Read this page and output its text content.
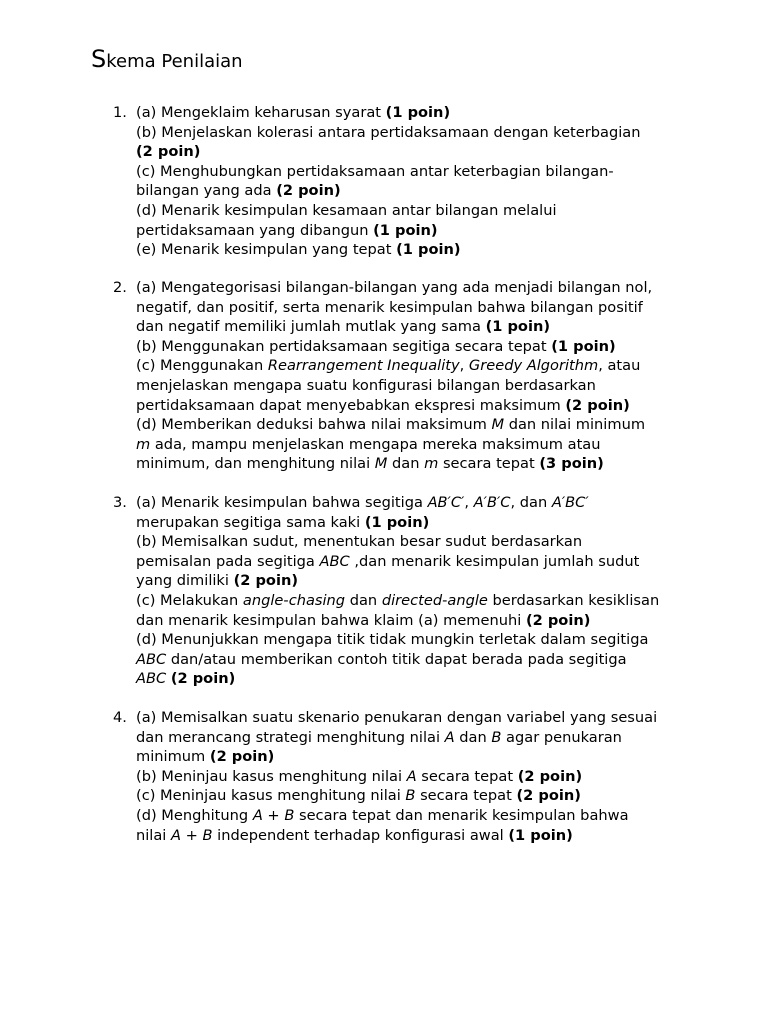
Skema Penilaian
1. (a) Mengeklaim keharusan syarat (1 poin)
(b) Menjelaskan kolerasi antara pertidaksamaan dengan keterbagian
(2 poin)
(c) Menghubungkan pertidaksamaan antar keterbagian bilangan-
bilangan yang ada (2 poin)
(d) Menarik kesimpulan kesamaan antar bilangan melalui
pertidaksamaan yang dibangun (1 poin)
(e) Menarik kesimpulan yang tepat (1 poin)
2. (a) Mengategorisasi bilangan-bilangan yang ada menjadi bilangan nol,
negatif, dan positif, serta menarik kesimpulan bahwa bilangan positif
dan negatif memiliki jumlah mutlak yang sama (1 poin)
(b) Menggunakan pertidaksamaan segitiga secara tepat (1 poin)
(c) Menggunakan Rearrangement Inequality, Greedy Algorithm, atau
menjelaskan mengapa suatu konfigurasi bilangan berdasarkan
pertidaksamaan dapat menyebabkan ekspresi maksimum (2 poin)
(d) Memberikan deduksi bahwa nilai maksimum M dan nilai minimum
m ada, mampu menjelaskan mengapa mereka maksimum atau
minimum, dan menghitung nilai M dan m secara tepat (3 poin)
3. (a) Menarik kesimpulan bahwa segitiga AB′C′, A′B′C, dan A′BC′
merupakan segitiga sama kaki (1 poin)
(b) Memisalkan sudut, menentukan besar sudut berdasarkan
pemisalan pada segitiga ABC ,dan menarik kesimpulan jumlah sudut
yang dimiliki (2 poin)
(c) Melakukan angle-chasing dan directed-angle berdasarkan kesiklisan
dan menarik kesimpulan bahwa klaim (a) memenuhi (2 poin)
(d) Menunjukkan mengapa titik tidak mungkin terletak dalam segitiga
ABC dan/atau memberikan contoh titik dapat berada pada segitiga
ABC (2 poin)
4. (a) Memisalkan suatu skenario penukaran dengan variabel yang sesuai
dan merancang strategi menghitung nilai A dan B agar penukaran
minimum (2 poin)
(b) Meninjau kasus menghitung nilai A secara tepat (2 poin)
(c) Meninjau kasus menghitung nilai B secara tepat (2 poin)
(d) Menghitung A + B secara tepat dan menarik kesimpulan bahwa
nilai A + B independent terhadap konfigurasi awal (1 poin)
